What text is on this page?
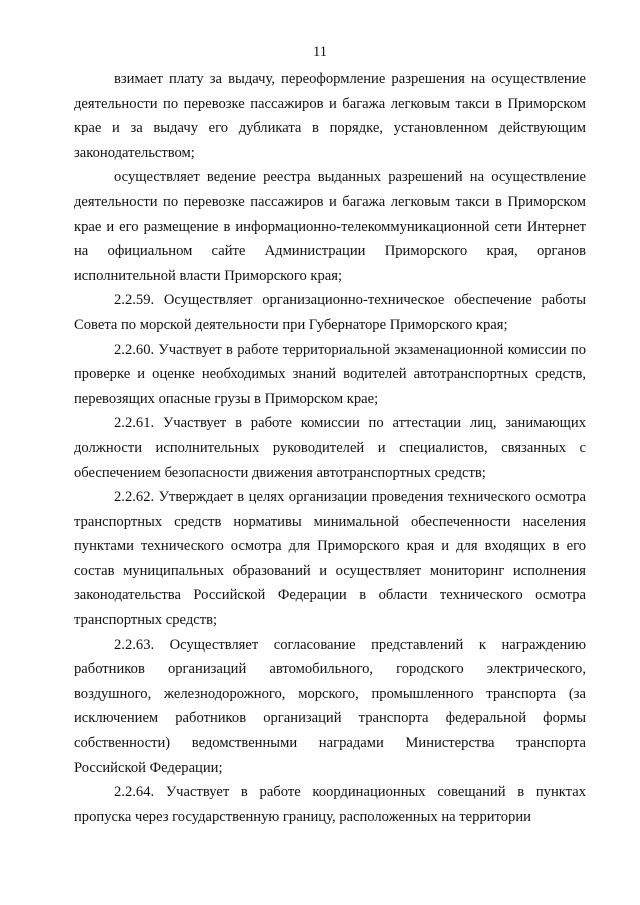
11

взимает плату за выдачу, переоформление разрешения на осуществление деятельности по перевозке пассажиров и багажа легковым такси в Приморском крае и за выдачу его дубликата в порядке, установленном действующим законодательством;

осуществляет ведение реестра выданных разрешений на осуществление деятельности по перевозке пассажиров и багажа легковым такси в Приморском крае и его размещение в информационно-телекоммуникационной сети Интернет на официальном сайте Администрации Приморского края, органов исполнительной власти Приморского края;

2.2.59. Осуществляет организационно-техническое обеспечение работы Совета по морской деятельности при Губернаторе Приморского края;

2.2.60. Участвует в работе территориальной экзаменационной комиссии по проверке и оценке необходимых знаний водителей автотранспортных средств, перевозящих опасные грузы в Приморском крае;

2.2.61. Участвует в работе комиссии по аттестации лиц, занимающих должности исполнительных руководителей и специалистов, связанных с обеспечением безопасности движения автотранспортных средств;

2.2.62. Утверждает в целях организации проведения технического осмотра транспортных средств нормативы минимальной обеспеченности населения пунктами технического осмотра для Приморского края и для входящих в его состав муниципальных образований и осуществляет мониторинг исполнения законодательства Российской Федерации в области технического осмотра транспортных средств;

2.2.63. Осуществляет согласование представлений к награждению работников организаций автомобильного, городского электрического, воздушного, железнодорожного, морского, промышленного транспорта (за исключением работников организаций транспорта федеральной формы собственности) ведомственными наградами Министерства транспорта Российской Федерации;

2.2.64. Участвует в работе координационных совещаний в пунктах пропуска через государственную границу, расположенных на территории
